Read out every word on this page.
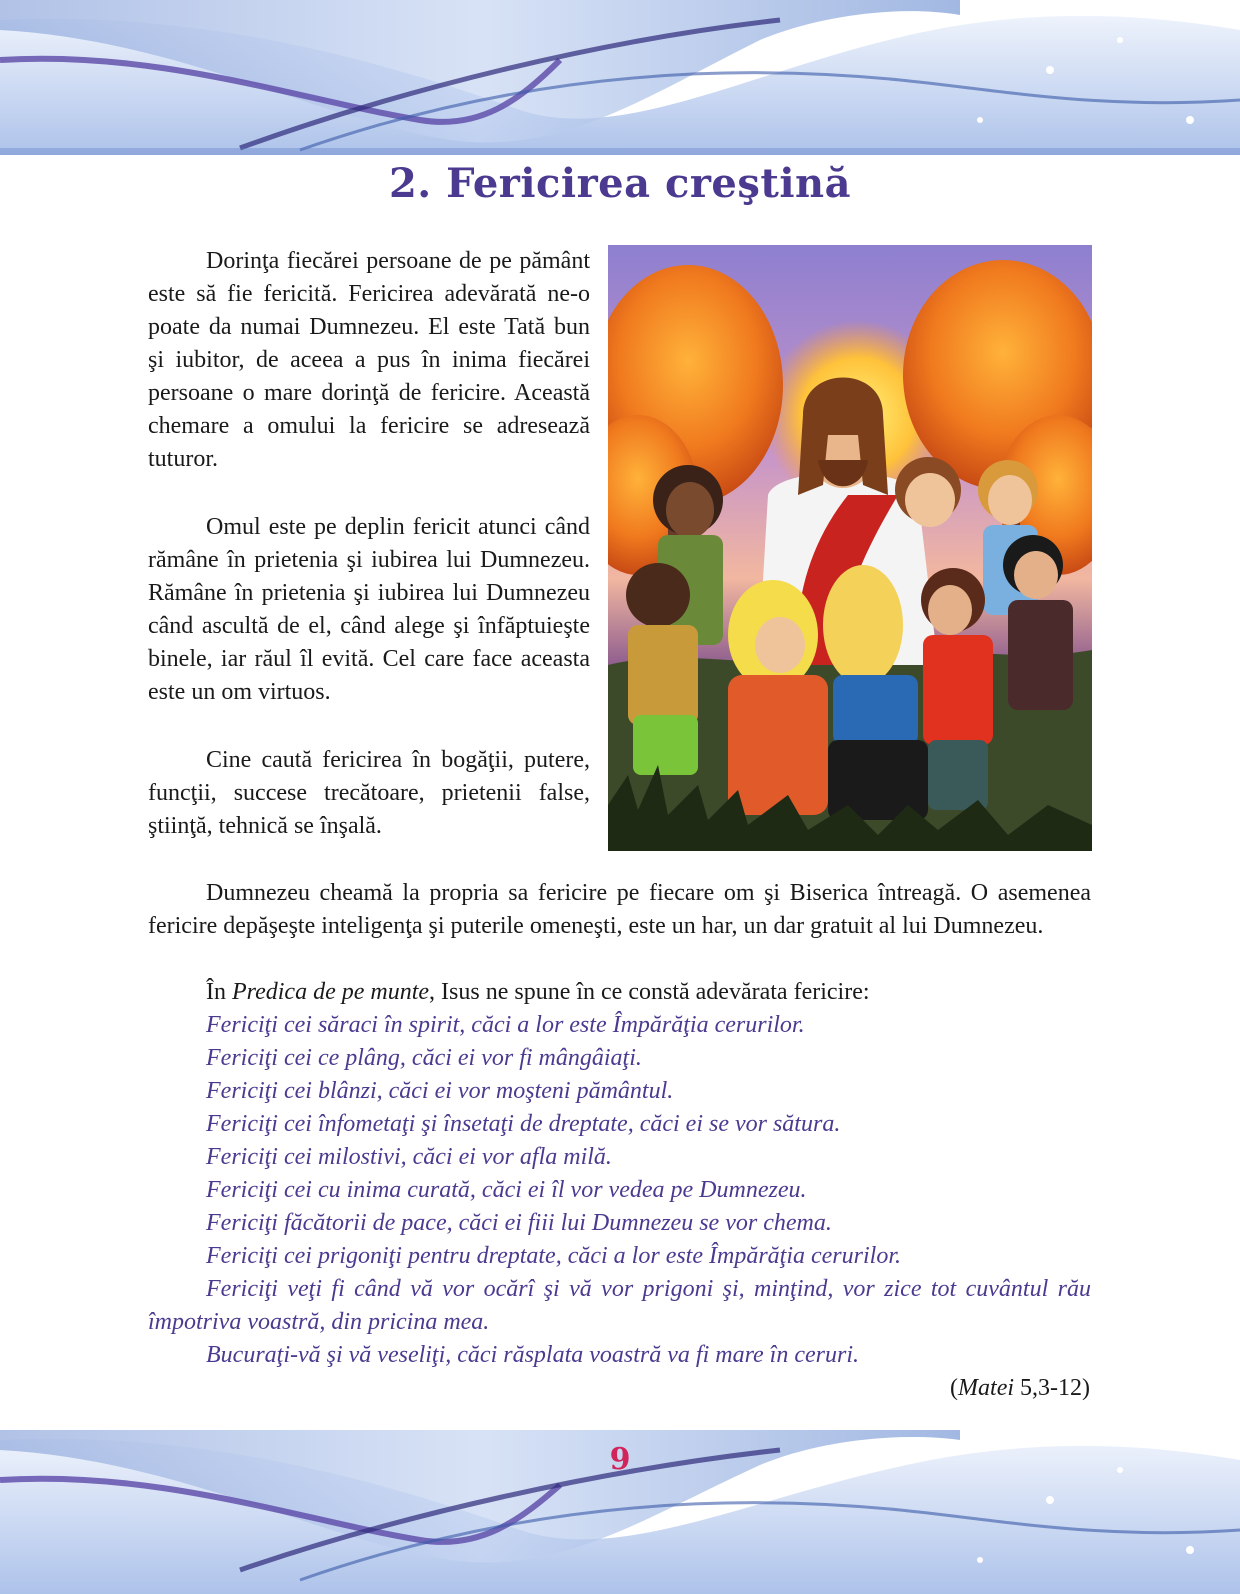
2. Fericirea creştină

Dorinţa fiecărei persoane de pe pământ este să fie fericită. Fericirea adevărată ne-o poate da numai Dumnezeu. El este Tată bun şi iubitor, de aceea a pus în inima fiecărei persoane o mare dorinţă de fericire. Această chemare a omului la fericire se adresează tuturor.

Omul este pe deplin fericit atunci când rămâne în prietenia şi iubirea lui Dumnezeu. Rămâne în prietenia şi iubirea lui Dumnezeu când ascultă de el, când alege şi înfăptuieşte binele, iar răul îl evită. Cel care face aceasta este un om virtuos.

Cine caută fericirea în bogăţii, putere, funcţii, succese trecătoare, prietenii false, ştiinţă, tehnică se înşală.

Dumnezeu cheamă la propria sa fericire pe fiecare om şi Biserica întreagă. O asemenea fericire depăşeşte inteligenţa şi puterile omeneşti, este un har, un dar gratuit al lui Dumnezeu.

În Predica de pe munte, Isus ne spune în ce constă adevărata fericire:

Fericiţi cei săraci în spirit, căci a lor este Împărăţia cerurilor.

Fericiţi cei ce plâng, căci ei vor fi mângâiaţi.

Fericiţi cei blânzi, căci ei vor moşteni pământul.

Fericiţi cei înfometaţi şi însetaţi de dreptate, căci ei se vor sătura.

Fericiţi cei milostivi, căci ei vor afla milă.

Fericiţi cei cu inima curată, căci ei îl vor vedea pe Dumnezeu.

Fericiţi făcătorii de pace, căci ei fiii lui Dumnezeu se vor chema.

Fericiţi cei prigoniţi pentru dreptate, căci a lor este Împărăţia cerurilor.

Fericiţi veţi fi când vă vor ocărî şi vă vor prigoni şi, minţind, vor zice tot cuvântul rău împotriva voastră, din pricina mea.

Bucuraţi-vă şi vă veseliţi, căci răsplata voastră va fi mare în ceruri.

(Matei 5,3-12)

9
